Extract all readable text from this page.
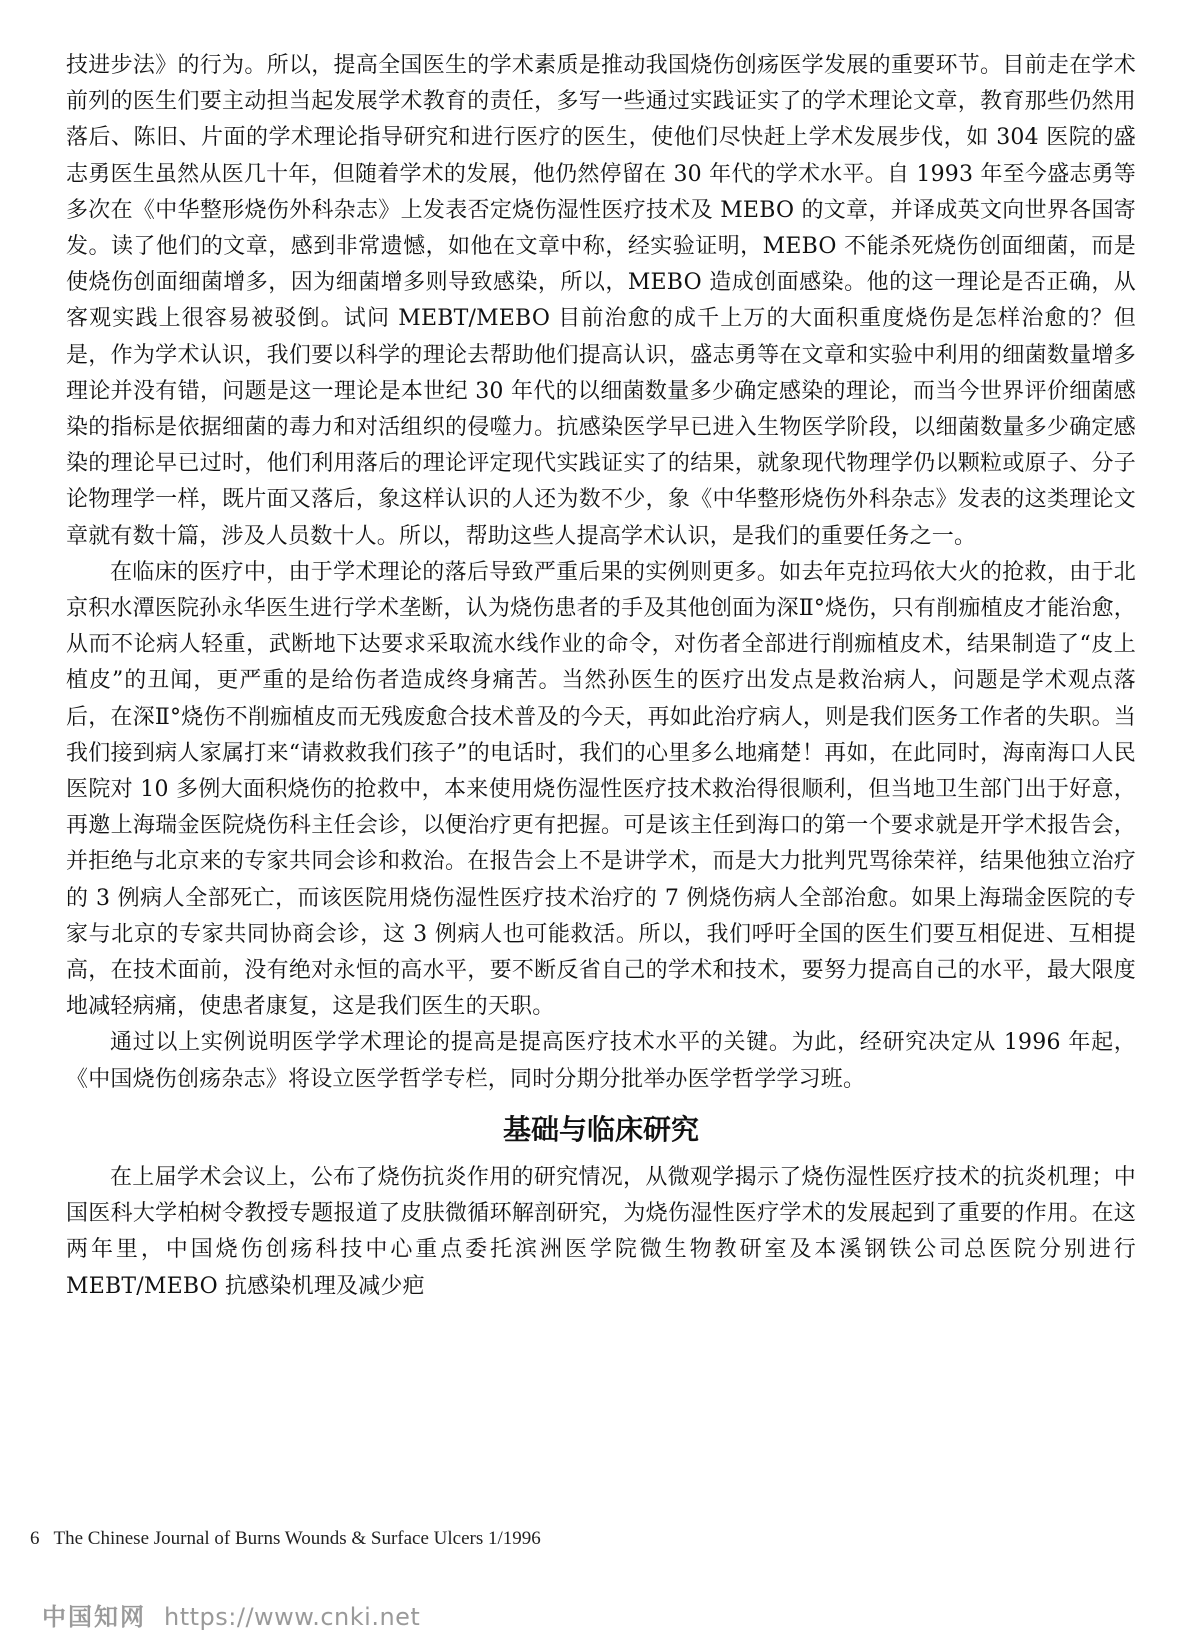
技进步法》的行为。所以，提高全国医生的学术素质是推动我国烧伤创疡医学发展的重要环节。目前走在学术前列的医生们要主动担当起发展学术教育的责任，多写一些通过实践证实了的学术理论文章，教育那些仍然用落后、陈旧、片面的学术理论指导研究和进行医疗的医生，使他们尽快赶上学术发展步伐，如 304 医院的盛志勇医生虽然从医几十年，但随着学术的发展，他仍然停留在 30 年代的学术水平。自 1993 年至今盛志勇等多次在《中华整形烧伤外科杂志》上发表否定烧伤湿性医疗技术及 MEBO 的文章，并译成英文向世界各国寄发。读了他们的文章，感到非常遗憾，如他在文章中称，经实验证明，MEBO 不能杀死烧伤创面细菌，而是使烧伤创面细菌增多，因为细菌增多则导致感染，所以，MEBO 造成创面感染。他的这一理论是否正确，从客观实践上很容易被驳倒。试问 MEBT/MEBO 目前治愈的成千上万的大面积重度烧伤是怎样治愈的？但是，作为学术认识，我们要以科学的理论去帮助他们提高认识，盛志勇等在文章和实验中利用的细菌数量增多理论并没有错，问题是这一理论是本世纪 30 年代的以细菌数量多少确定感染的理论，而当今世界评价细菌感染的指标是依据细菌的毒力和对活组织的侵噬力。抗感染医学早已进入生物医学阶段，以细菌数量多少确定感染的理论早已过时，他们利用落后的理论评定现代实践证实了的结果，就象现代物理学仍以颗粒或原子、分子论物理学一样，既片面又落后，象这样认识的人还为数不少，象《中华整形烧伤外科杂志》发表的这类理论文章就有数十篇，涉及人员数十人。所以，帮助这些人提高学术认识，是我们的重要任务之一。

在临床的医疗中，由于学术理论的落后导致严重后果的实例则更多。如去年克拉玛依大火的抢救，由于北京积水潭医院孙永华医生进行学术垄断，认为烧伤患者的手及其他创面为深Ⅱ°烧伤，只有削痂植皮才能治愈，从而不论病人轻重，武断地下达要求采取流水线作业的命令，对伤者全部进行削痂植皮术，结果制造了“皮上植皮”的丑闻，更严重的是给伤者造成终身痛苦。当然孙医生的医疗出发点是救治病人，问题是学术观点落后，在深Ⅱ°烧伤不削痂植皮而无残废愈合技术普及的今天，再如此治疗病人，则是我们医务工作者的失职。当我们接到病人家属打来“请救救我们孩子”的电话时，我们的心里多么地痛楚！再如，在此同时，海南海口人民医院对 10 多例大面积烧伤的抢救中，本来使用烧伤湿性医疗技术救治得很顺利，但当地卫生部门出于好意，再邀上海瑞金医院烧伤科主任会诊，以便治疗更有把握。可是该主任到海口的第一个要求就是开学术报告会，并拒绝与北京来的专家共同会诊和救治。在报告会上不是讲学术，而是大力批判咒骂徐荣祥，结果他独立治疗的 3 例病人全部死亡，而该医院用烧伤湿性医疗技术治疗的 7 例烧伤病人全部治愈。如果上海瑞金医院的专家与北京的专家共同协商会诊，这 3 例病人也可能救活。所以，我们呼吁全国的医生们要互相促进、互相提高，在技术面前，没有绝对永恒的高水平，要不断反省自己的学术和技术，要努力提高自己的水平，最大限度地减轻病痛，使患者康复，这是我们医生的天职。

通过以上实例说明医学学术理论的提高是提高医疗技术水平的关键。为此，经研究决定从 1996 年起，《中国烧伤创疡杂志》将设立医学哲学专栏，同时分期分批举办医学哲学学习班。

基础与临床研究

在上届学术会议上，公布了烧伤抗炎作用的研究情况，从微观学揭示了烧伤湿性医疗技术的抗炎机理；中国医科大学柏树令教授专题报道了皮肤微循环解剖研究，为烧伤湿性医疗学术的发展起到了重要的作用。在这两年里，中国烧伤创疡科技中心重点委托滨洲医学院微生物教研室及本溪钢铁公司总医院分别进行 MEBT/MEBO 抗感染机理及减少疤

6 The Chinese Journal of Burns Wounds & Surface Ulcers 1/1996
中国知网 https://www.cnki.net
